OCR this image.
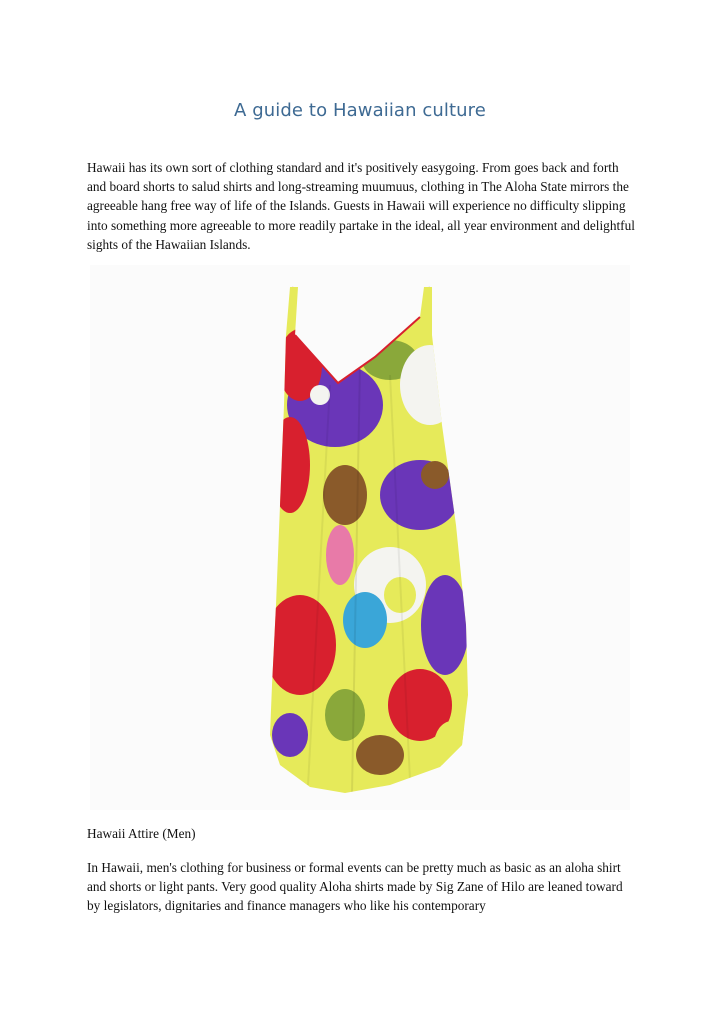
A guide to Hawaiian culture

Hawaii has its own sort of clothing standard and it's positively easygoing. From goes back and forth and board shorts to salud shirts and long-streaming muumuus, clothing in The Aloha State mirrors the agreeable hang free way of life of the Islands. Guests in Hawaii will experience no difficulty slipping into something more agreeable to more readily partake in the ideal, all year environment and delightful sights of the Hawaiian Islands.

Hawaii Attire (Men)

In Hawaii, men's clothing for business or formal events can be pretty much as basic as an aloha shirt and shorts or light pants. Very good quality Aloha shirts made by Sig Zane of Hilo are leaned toward by legislators, dignitaries and finance managers who like his contemporary
